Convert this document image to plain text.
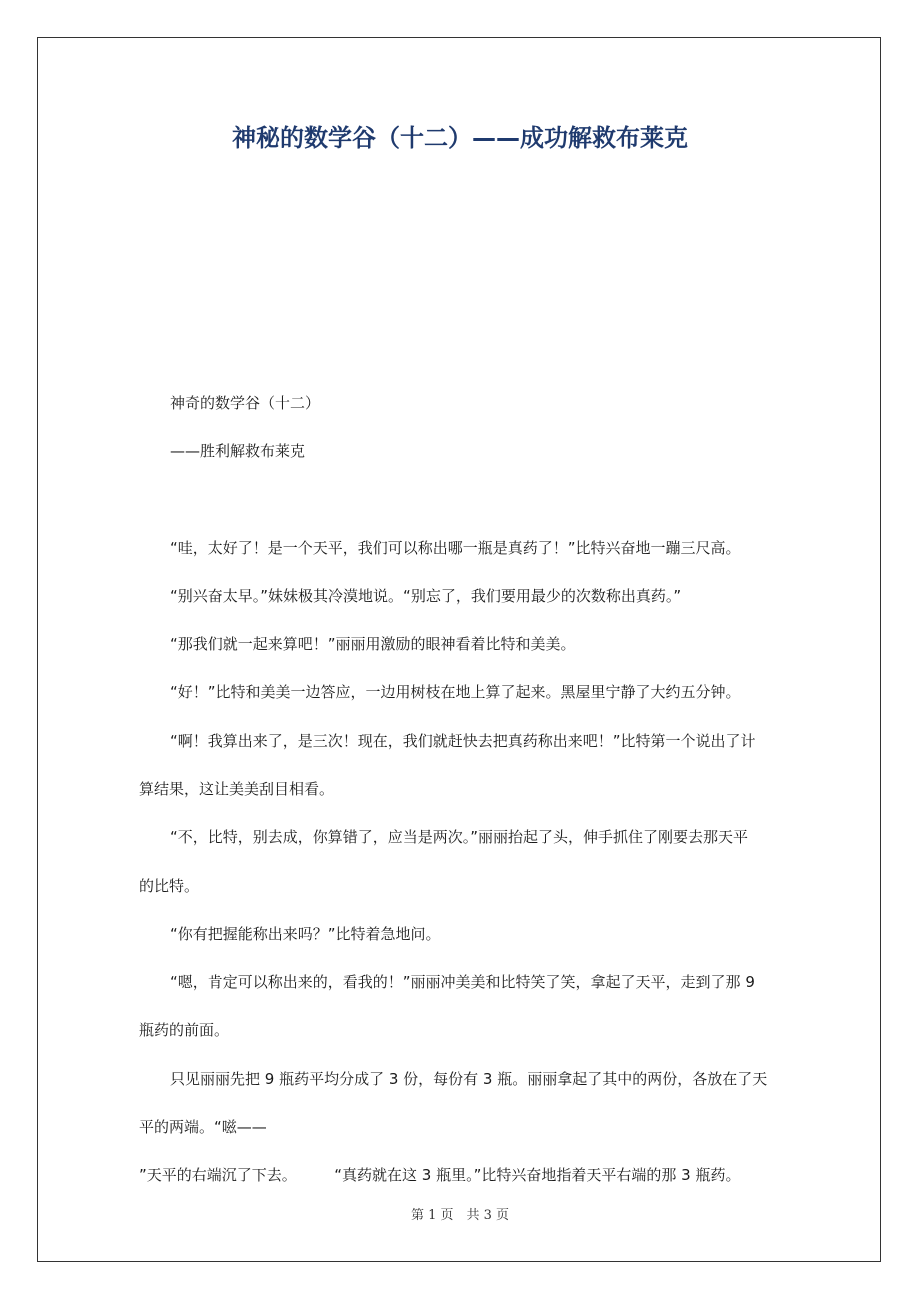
神秘的数学谷（十二）——成功解救布莱克
神奇的数学谷（十二）
——胜利解救布莱克
“哇，太好了！是一个天平，我们可以称出哪一瓶是真药了！”比特兴奋地一蹦三尺高。
“别兴奋太早。”妹妹极其冷漠地说。“别忘了，我们要用最少的次数称出真药。”
“那我们就一起来算吧！”丽丽用激励的眼神看着比特和美美。
“好！”比特和美美一边答应，一边用树枝在地上算了起来。黑屋里宁静了大约五分钟。
“啊！我算出来了，是三次！现在，我们就赶快去把真药称出来吧！”比特第一个说出了计
算结果，这让美美刮目相看。
“不，比特，别去成，你算错了，应当是两次。”丽丽抬起了头，伸手抓住了刚要去那天平
的比特。
“你有把握能称出来吗？”比特着急地问。
“嗯，肯定可以称出来的，看我的！”丽丽冲美美和比特笑了笑，拿起了天平，走到了那 9
瓶药的前面。
只见丽丽先把 9 瓶药平均分成了 3 份，每份有 3 瓶。丽丽拿起了其中的两份，各放在了天
平的两端。“嗞——
”天平的右端沉了下去。　　　“真药就在这 3 瓶里。”比特兴奋地指着天平右端的那 3 瓶药。
第 1 页　共 3 页
